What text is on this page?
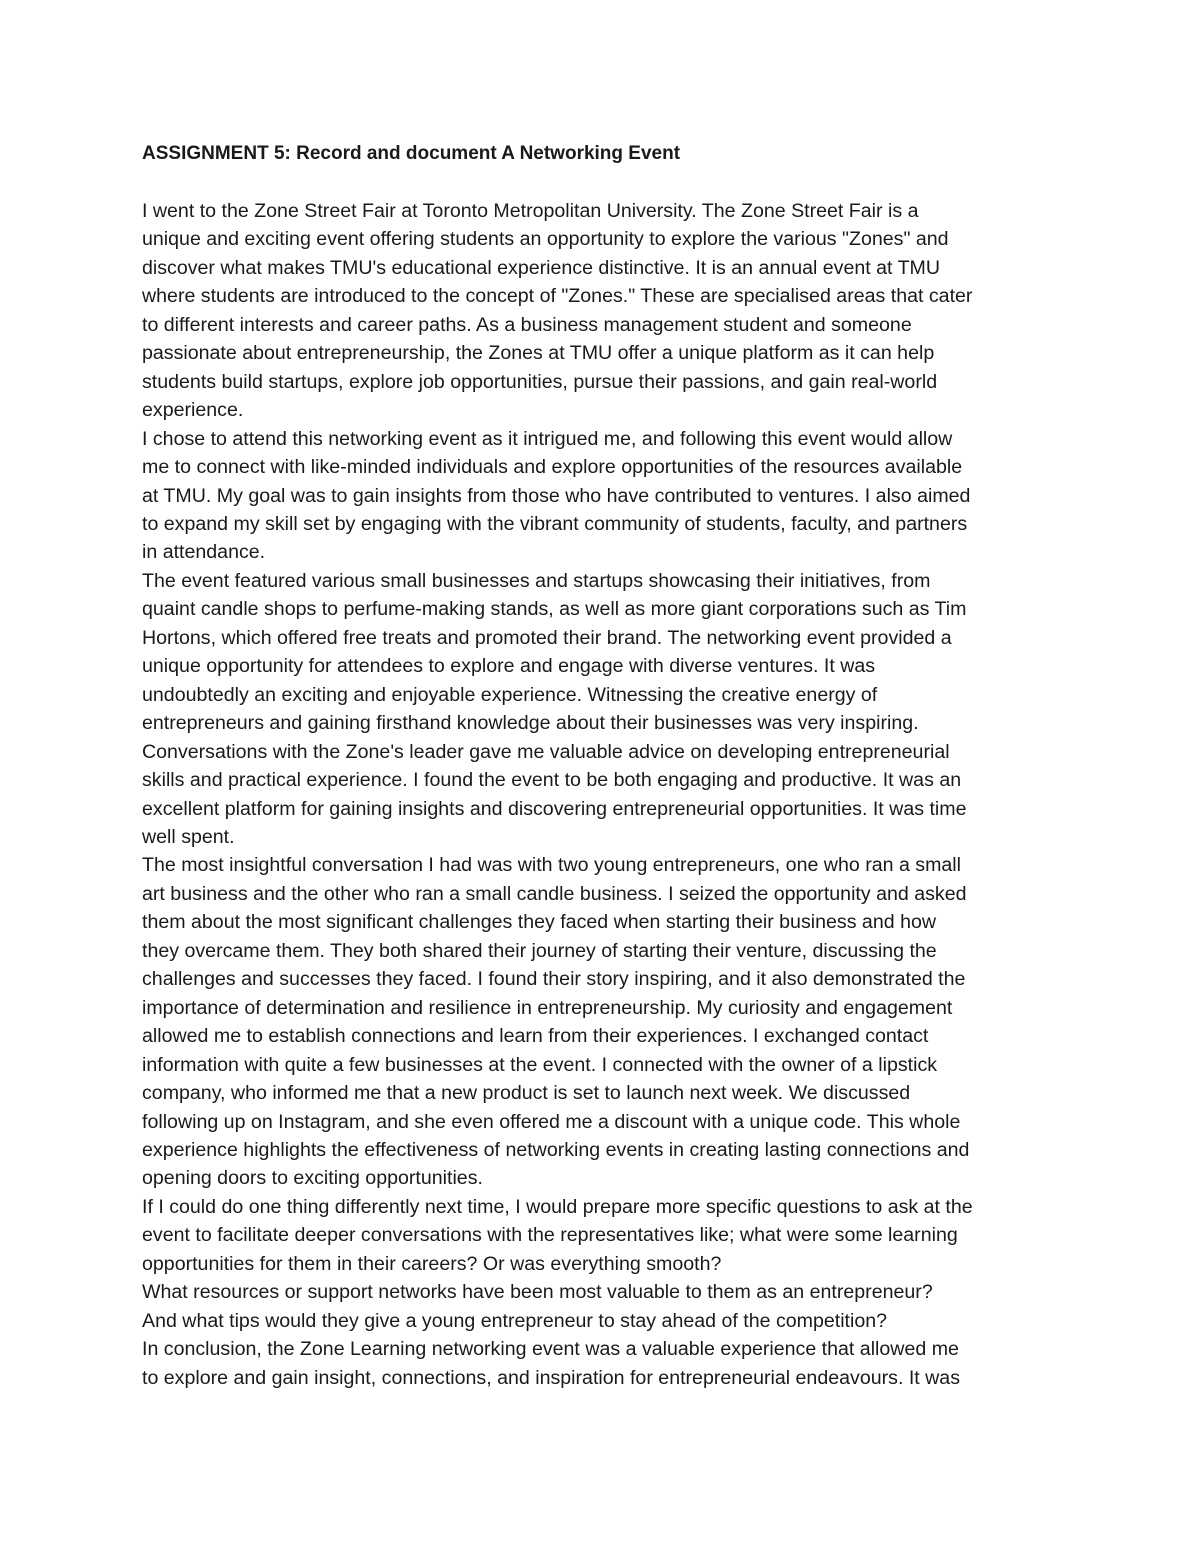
ASSIGNMENT 5: Record and document A Networking Event

I went to the Zone Street Fair at Toronto Metropolitan University. The Zone Street Fair is a
unique and exciting event offering students an opportunity to explore the various "Zones" and
discover what makes TMU's educational experience distinctive. It is an annual event at TMU
where students are introduced to the concept of "Zones." These are specialised areas that cater
to different interests and career paths. As a business management student and someone
passionate about entrepreneurship, the Zones at TMU offer a unique platform as it can help
students build startups, explore job opportunities, pursue their passions, and gain real-world
experience.

I chose to attend this networking event as it intrigued me, and following this event would allow
me to connect with like-minded individuals and explore opportunities of the resources available
at TMU. My goal was to gain insights from those who have contributed to ventures. I also aimed
to expand my skill set by engaging with the vibrant community of students, faculty, and partners
in attendance.

The event featured various small businesses and startups showcasing their initiatives, from
quaint candle shops to perfume-making stands, as well as more giant corporations such as Tim
Hortons, which offered free treats and promoted their brand. The networking event provided a
unique opportunity for attendees to explore and engage with diverse ventures. It was
undoubtedly an exciting and enjoyable experience. Witnessing the creative energy of
entrepreneurs and gaining firsthand knowledge about their businesses was very inspiring.
Conversations with the Zone's leader gave me valuable advice on developing entrepreneurial
skills and practical experience. I found the event to be both engaging and productive. It was an
excellent platform for gaining insights and discovering entrepreneurial opportunities. It was time
well spent.

The most insightful conversation I had was with two young entrepreneurs, one who ran a small
art business and the other who ran a small candle business. I seized the opportunity and asked
them about the most significant challenges they faced when starting their business and how
they overcame them. They both shared their journey of starting their venture, discussing the
challenges and successes they faced. I found their story inspiring, and it also demonstrated the
importance of determination and resilience in entrepreneurship. My curiosity and engagement
allowed me to establish connections and learn from their experiences. I exchanged contact
information with quite a few businesses at the event. I connected with the owner of a lipstick
company, who informed me that a new product is set to launch next week. We discussed
following up on Instagram, and she even offered me a discount with a unique code. This whole
experience highlights the effectiveness of networking events in creating lasting connections and
opening doors to exciting opportunities.

If I could do one thing differently next time, I would prepare more specific questions to ask at the
event to facilitate deeper conversations with the representatives like; what were some learning
opportunities for them in their careers? Or was everything smooth?

What resources or support networks have been most valuable to them as an entrepreneur?

And what tips would they give a young entrepreneur to stay ahead of the competition?

In conclusion, the Zone Learning networking event was a valuable experience that allowed me
to explore and gain insight, connections, and inspiration for entrepreneurial endeavours. It was
